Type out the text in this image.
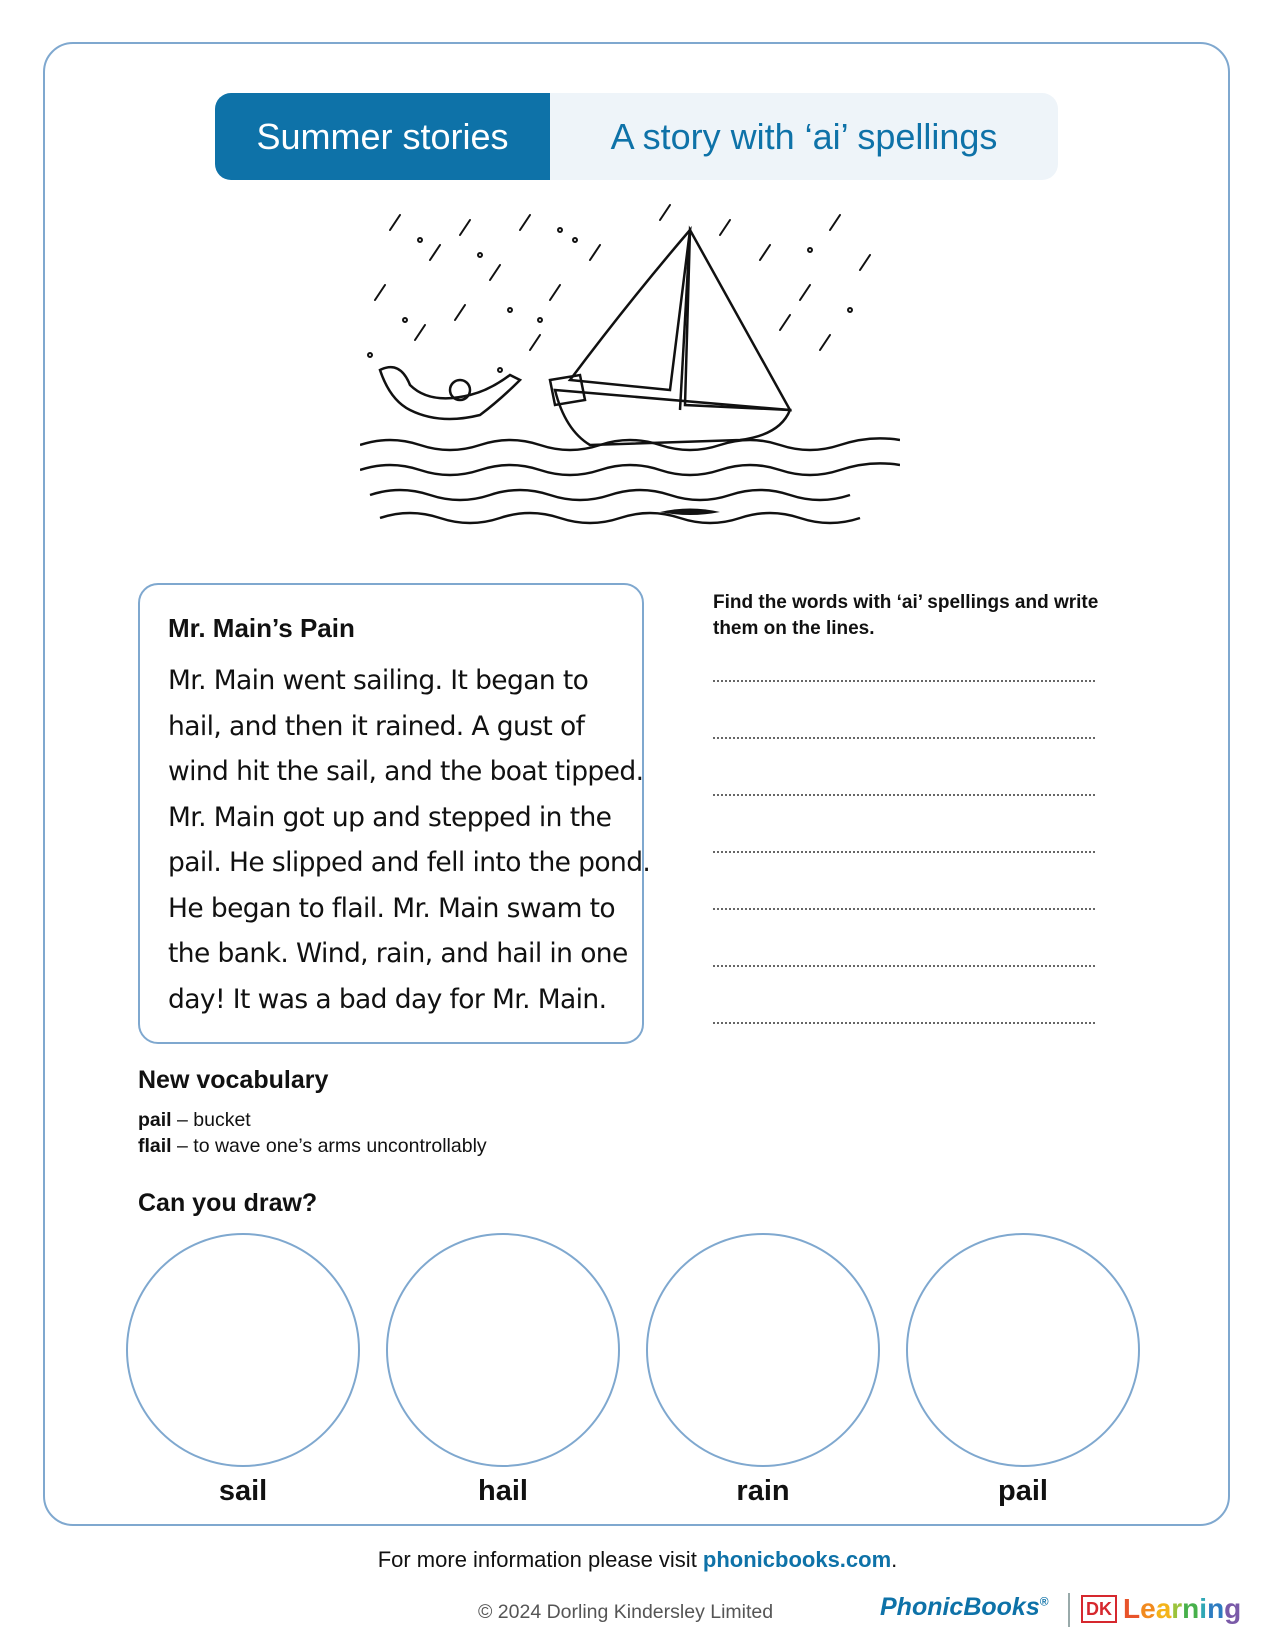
Summer stories	A story with ‘ai’ spellings
Mr. Main’s Pain
Mr. Main went sailing. It began to
hail, and then it rained. A gust of
wind hit the sail, and the boat tipped.
Mr. Main got up and stepped in the
pail. He slipped and fell into the pond.
He began to flail. Mr. Main swam to
the bank. Wind, rain, and hail in one
day! It was a bad day for Mr. Main.
Find the words with ‘ai’ spellings and write them on the lines.
New vocabulary
pail – bucket
flail – to wave one’s arms uncontrollably
Can you draw?
sail	hail	rain	pail
For more information please visit phonicbooks.com.
© 2024 Dorling Kindersley Limited	PhonicBooks® DK Learning
